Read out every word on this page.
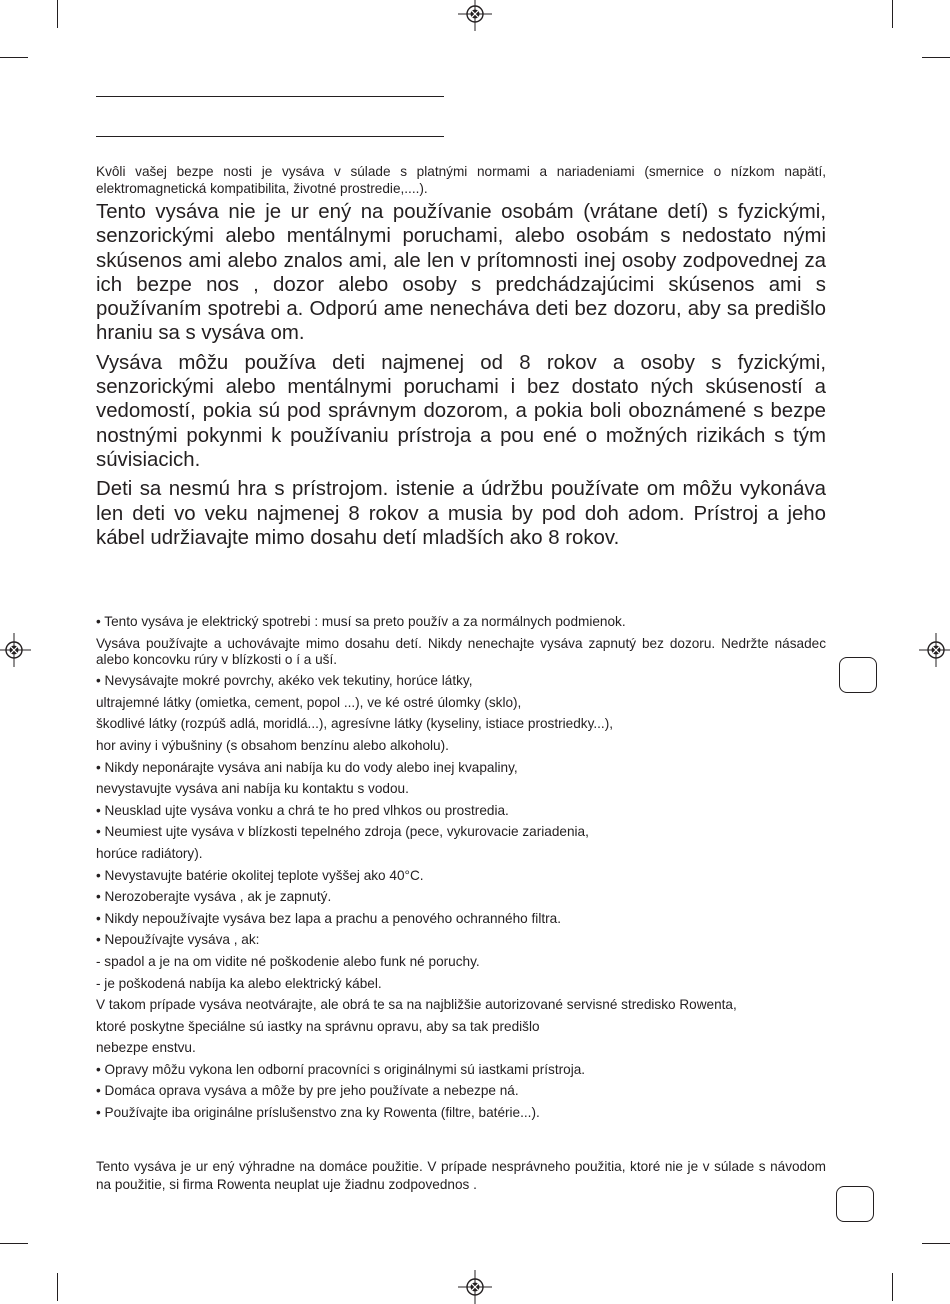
Kvôli vašej bezpe nosti je vysáva v súlade s platnými normami a nariadeniami (smernice o nízkom napätí, elektromagnetická kompatibilita, životné prostredie,....).

Tento vysáva nie je ur ený na používanie osobám (vrátane detí) s fyzickými, senzorickými alebo mentálnymi poruchami, alebo osobám s nedostato nými skúsenos ami alebo znalos ami, ale len v prítomnosti inej osoby zodpovednej za ich bezpe nos , dozor alebo osoby s predchádzajúcimi skúsenos ami s používaním spotrebi a. Odporú ame nenecháva deti bez dozoru, aby sa predišlo hraniu sa s vysáva om.

Vysáva môžu používa deti najmenej od 8 rokov a osoby s fyzickými, senzorickými alebo mentálnymi poruchami i bez dostato ných skúseností a vedomostí, pokia sú pod správnym dozorom, a pokia boli oboznámené s bezpe nostnými pokynmi k používaniu prístroja a pou ené o možných rizikách s tým súvisiacich.

Deti sa nesmú hra s prístrojom. istenie a údržbu používate om môžu vykonáva len deti vo veku najmenej 8 rokov a musia by pod doh adom. Prístroj a jeho kábel udržiavajte mimo dosahu detí mladších ako 8 rokov.

• Tento vysáva je elektrický spotrebi : musí sa preto použív a za normálnych podmienok.
Vysáva používajte a uchovávajte mimo dosahu detí. Nikdy nenechajte vysáva zapnutý bez dozoru. Nedržte násadec alebo koncovku rúry v blízkosti o í a uší.
• Nevysávajte mokré povrchy, akéko vek tekutiny, horúce látky,
ultrajemné látky (omietka, cement, popol ...), ve ké ostré úlomky (sklo),
škodlivé látky (rozpúš adlá, moridlá...), agresívne látky (kyseliny, istiace prostriedky...),
hor aviny i výbušniny (s obsahom benzínu alebo alkoholu).
• Nikdy neponárajte vysáva ani nabíja ku do vody alebo inej kvapaliny,
nevystavujte vysáva ani nabíja ku kontaktu s vodou.
• Neusklad ujte vysáva vonku a chrá te ho pred vlhkos ou prostredia.
• Neumiest ujte vysáva v blízkosti tepelného zdroja (pece, vykurovacie zariadenia,
horúce radiátory).
• Nevystavujte batérie okolitej teplote vyššej ako 40°C.
• Nerozoberajte vysáva , ak je zapnutý.
• Nikdy nepoužívajte vysáva bez lapa a prachu a penového ochranného filtra.
• Nepoužívajte vysáva , ak:
- spadol a je na om vidite né poškodenie alebo funk né poruchy.
- je poškodená nabíja ka alebo elektrický kábel.
V takom prípade vysáva neotvárajte, ale obrá te sa na najbližšie autorizované servisné stredisko Rowenta,
ktoré poskytne špeciálne sú iastky na správnu opravu, aby sa tak predišlo
nebezpe enstvu.
• Opravy môžu vykona len odborní pracovníci s originálnymi sú iastkami prístroja.
• Domáca oprava vysáva a môže by pre jeho používate a nebezpe ná.
• Používajte iba originálne príslušenstvo zna ky Rowenta (filtre, batérie...).
Tento vysáva je ur ený výhradne na domáce použitie. V prípade nesprávneho použitia, ktoré nie je v súlade s návodom na použitie, si firma Rowenta neuplat uje žiadnu zodpovednos .
